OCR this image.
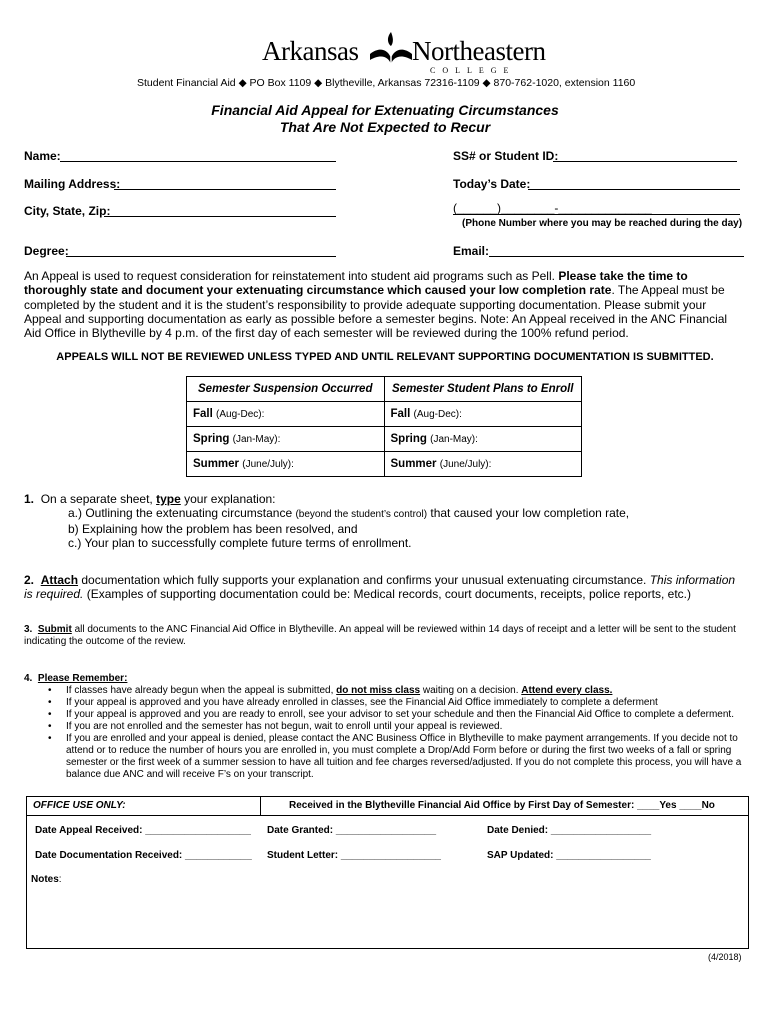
Arkansas Northeastern
COLLEGE
Student Financial Aid ◆ PO Box 1109 ◆ Blytheville, Arkansas 72316-1109 ◆ 870-762-1020, extension 1160
Financial Aid Appeal for Extenuating Circumstances
That Are Not Expected to Recur
Name:	SS# or Student ID:
Mailing Address:	Today’s Date:
City, State, Zip:	(______)________-______________
(Phone Number where you may be reached during the day)
Degree:	Email:
An Appeal is used to request consideration for reinstatement into student aid programs such as Pell. Please take the time to thoroughly state and document your extenuating circumstance which caused your low completion rate. The Appeal must be completed by the student and it is the student’s responsibility to provide adequate supporting documentation. Please submit your Appeal and supporting documentation as early as possible before a semester begins. Note: An Appeal received in the ANC Financial Aid Office in Blytheville by 4 p.m. of the first day of each semester will be reviewed during the 100% refund period.
APPEALS WILL NOT BE REVIEWED UNLESS TYPED AND UNTIL RELEVANT SUPPORTING DOCUMENTATION IS SUBMITTED.
Semester Suspension Occurred	Semester Student Plans to Enroll
Fall (Aug-Dec):	Fall (Aug-Dec):
Spring (Jan-May):	Spring (Jan-May):
Summer (June/July):	Summer (June/July):
1. On a separate sheet, type your explanation:
a.) Outlining the extenuating circumstance (beyond the student’s control) that caused your low completion rate,
b) Explaining how the problem has been resolved, and
c.) Your plan to successfully complete future terms of enrollment.
2. Attach documentation which fully supports your explanation and confirms your unusual extenuating circumstance. This information is required. (Examples of supporting documentation could be: Medical records, court documents, receipts, police reports, etc.)
3. Submit all documents to the ANC Financial Aid Office in Blytheville. An appeal will be reviewed within 14 days of receipt and a letter will be sent to the student indicating the outcome of the review.
4. Please Remember:
• If classes have already begun when the appeal is submitted, do not miss class waiting on a decision. Attend every class.
• If your appeal is approved and you have already enrolled in classes, see the Financial Aid Office immediately to complete a deferment
• If your appeal is approved and you are ready to enroll, see your advisor to set your schedule and then the Financial Aid Office to complete a deferment.
• If you are not enrolled and the semester has not begun, wait to enroll until your appeal is reviewed.
•	If you are enrolled and your appeal is denied, please contact the ANC Business Office in Blytheville to make payment arrangements. If you decide not to attend or to reduce the number of hours you are enrolled in, you must complete a Drop/Add Form before or during the first two weeks of a fall or spring semester or the first week of a summer session to have all tuition and fee charges reversed/adjusted. If you do not complete this process, you will have a balance due ANC and will receive F’s on your transcript.
OFFICE USE ONLY:	Received in the Blytheville Financial Aid Office by First Day of Semester: ____Yes ____No
Date Appeal Received: ___________________ Date Granted: __________________	Date Denied: __________________
Date Documentation Received: ____________ Student Letter: __________________	SAP Updated: _________________
Notes:
(4/2018)
